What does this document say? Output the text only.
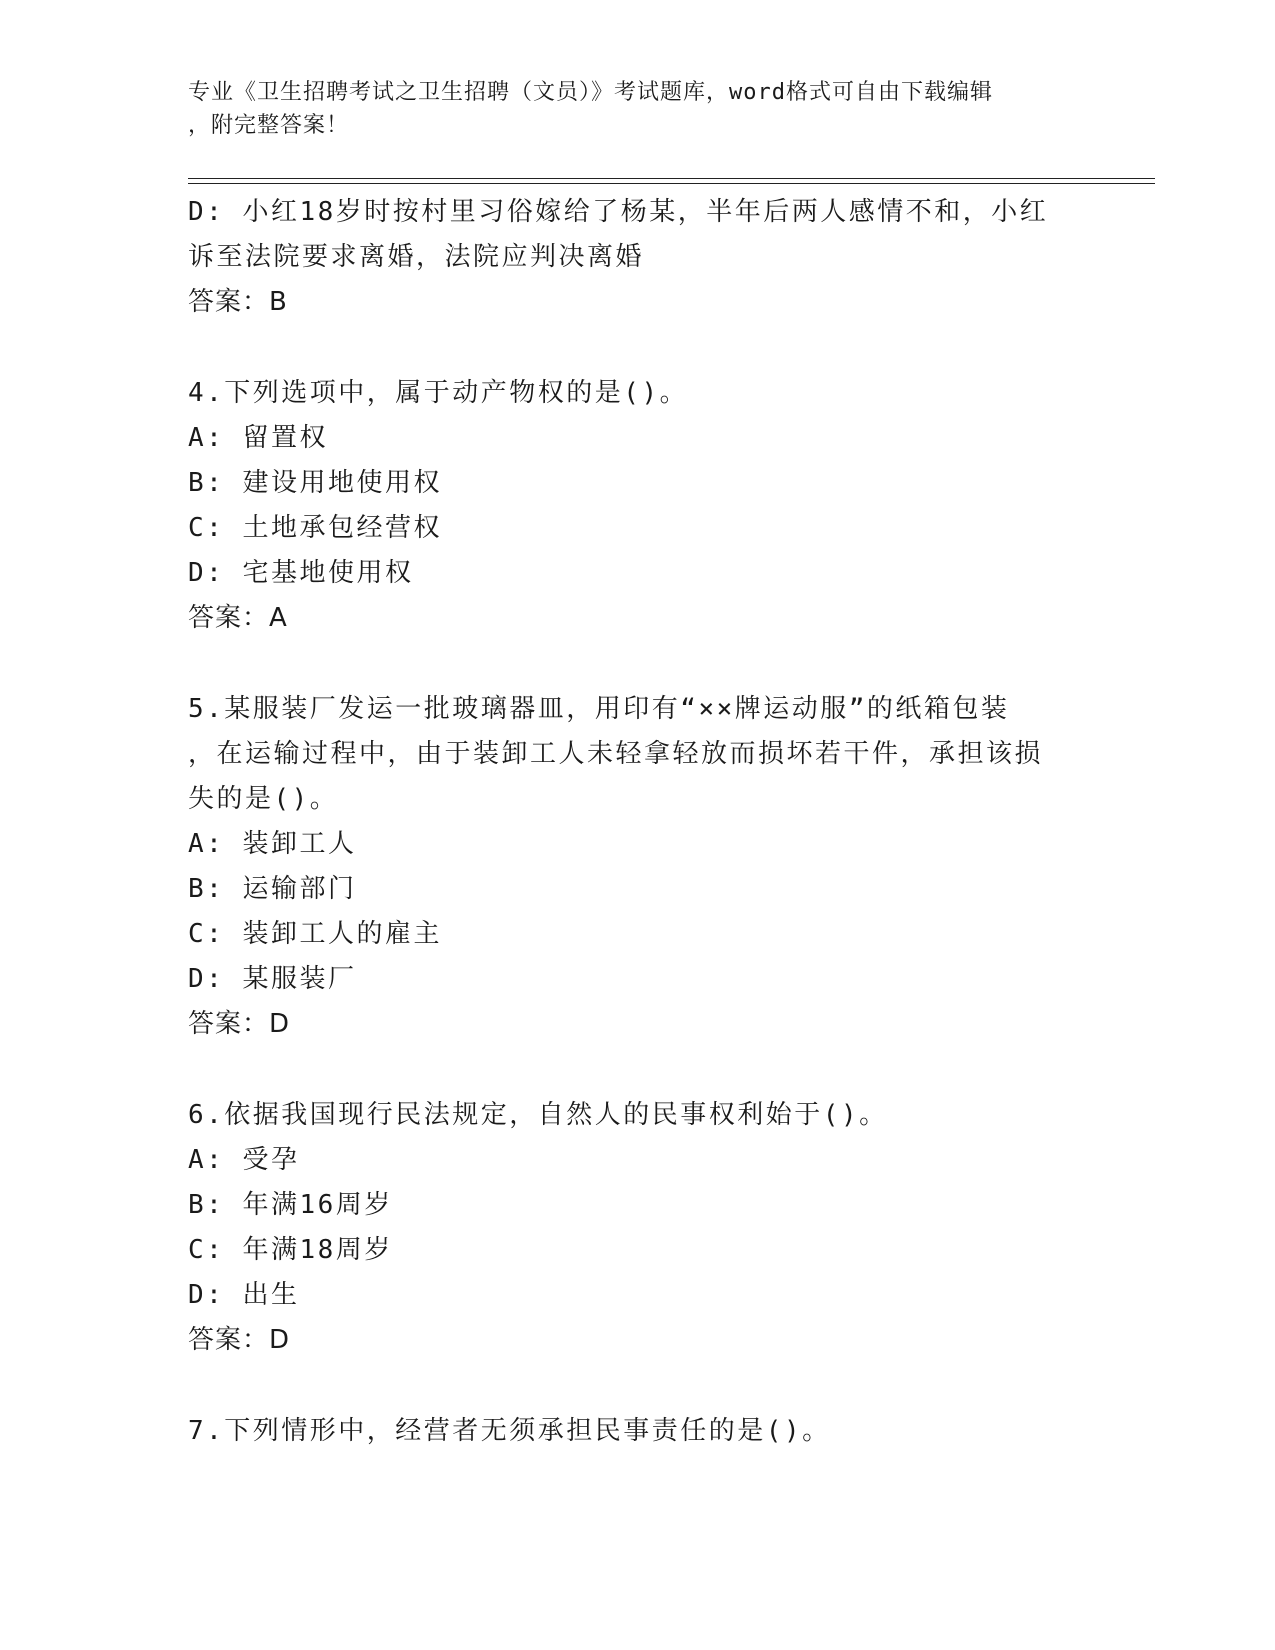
专业《卫生招聘考试之卫生招聘（文员）》考试题库，word格式可自由下载编辑
，附完整答案！
D: 小红18岁时按村里习俗嫁给了杨某，半年后两人感情不和，小红
诉至法院要求离婚，法院应判决离婚
答案：B
4.下列选项中，属于动产物权的是()。
A: 留置权
B: 建设用地使用权
C: 土地承包经营权
D: 宅基地使用权
答案：A
5.某服装厂发运一批玻璃器皿，用印有“××牌运动服”的纸箱包装
，在运输过程中，由于装卸工人未轻拿轻放而损坏若干件，承担该损
失的是()。
A: 装卸工人
B: 运输部门
C: 装卸工人的雇主
D: 某服装厂
答案：D
6.依据我国现行民法规定，自然人的民事权利始于()。
A: 受孕
B: 年满16周岁
C: 年满18周岁
D: 出生
答案：D
7.下列情形中，经营者无须承担民事责任的是()。
